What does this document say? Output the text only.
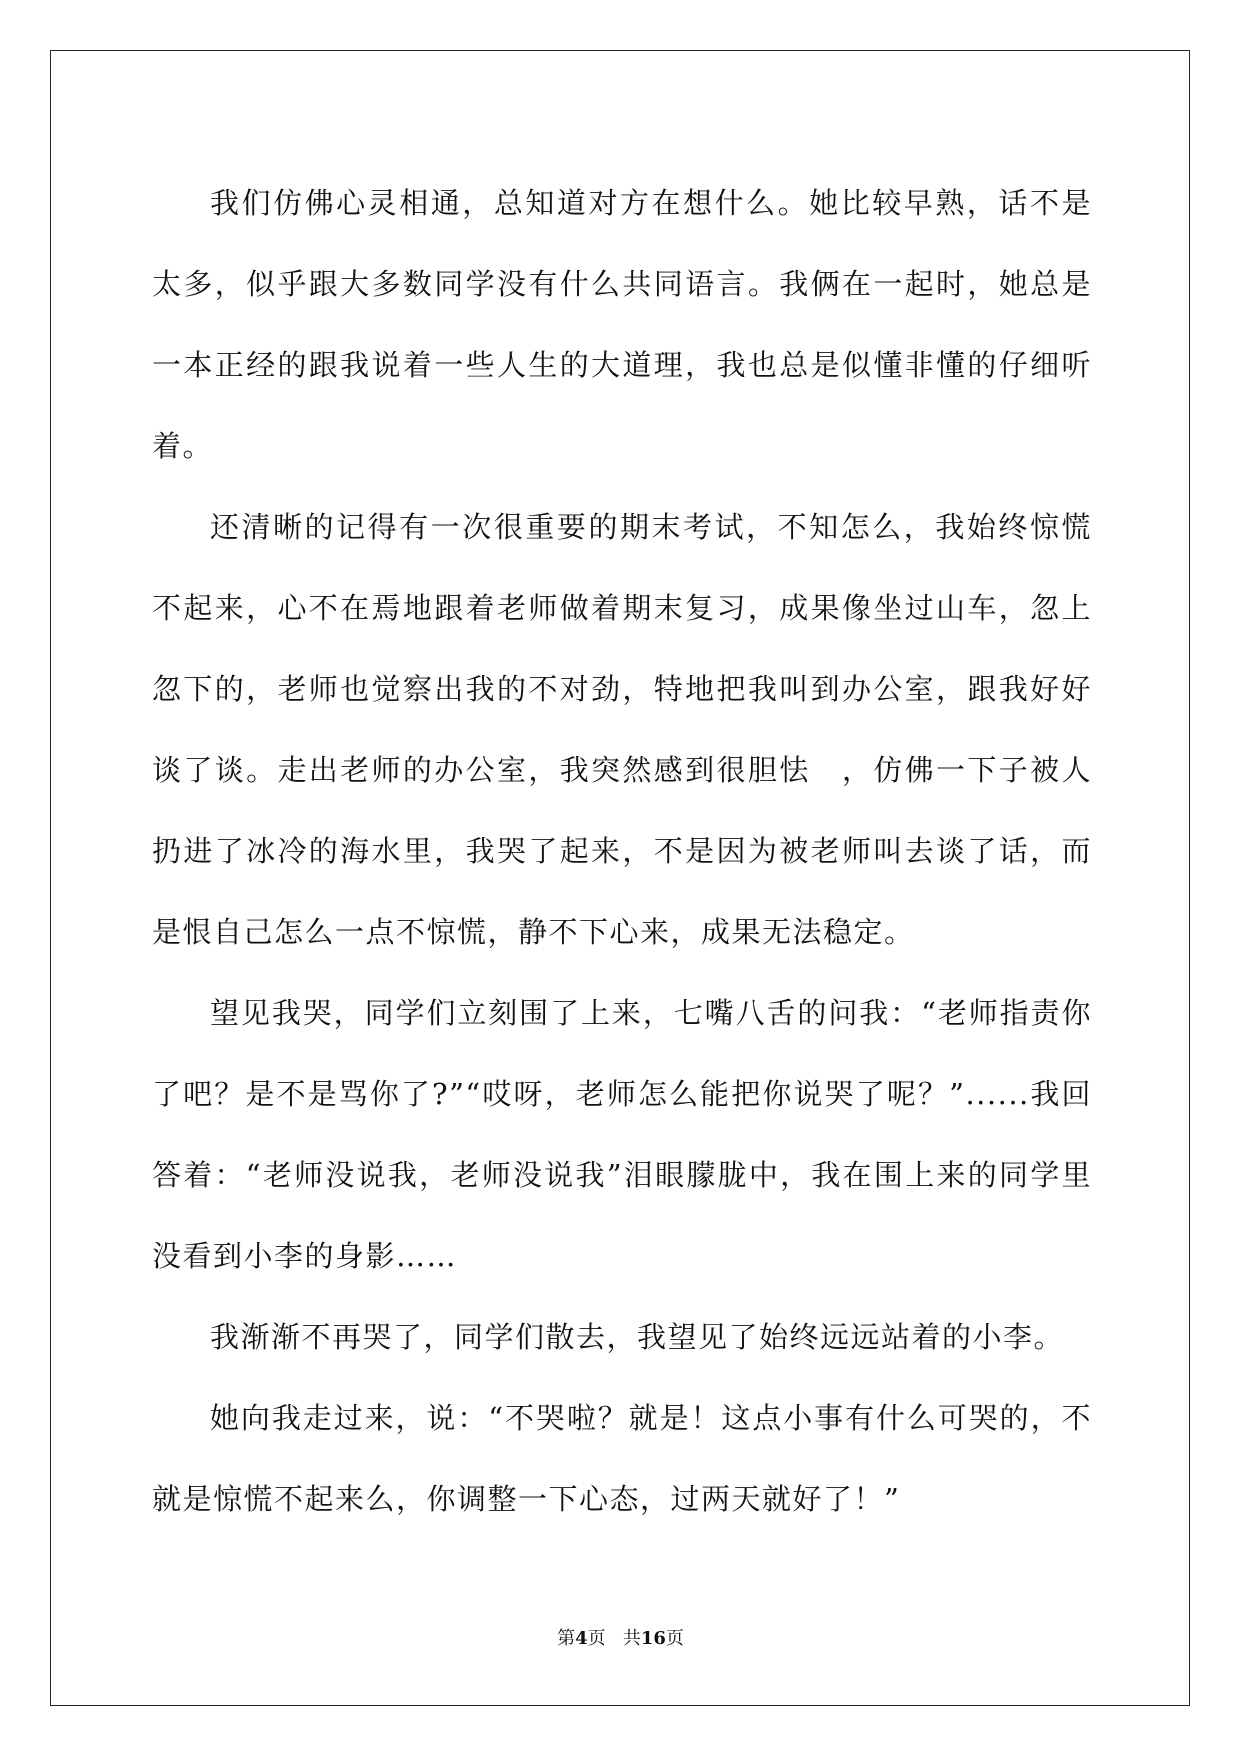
我们仿佛心灵相通，总知道对方在想什么。她比较早熟，话不是太多，似乎跟大多数同学没有什么共同语言。我俩在一起时，她总是一本正经的跟我说着一些人生的大道理，我也总是似懂非懂的仔细听着。

还清晰的记得有一次很重要的期末考试，不知怎么，我始终惊慌不起来，心不在焉地跟着老师做着期末复习，成果像坐过山车，忽上忽下的，老师也觉察出我的不对劲，特地把我叫到办公室，跟我好好谈了谈。走出老师的办公室，我突然感到很胆怯　，仿佛一下子被人扔进了冰冷的海水里，我哭了起来，不是因为被老师叫去谈了话，而是恨自己怎么一点不惊慌，静不下心来，成果无法稳定。

望见我哭，同学们立刻围了上来，七嘴八舌的问我：“老师指责你了吧？是不是骂你了?”“哎呀，老师怎么能把你说哭了呢？”......我回答着：“老师没说我，老师没说我”泪眼朦胧中，我在围上来的同学里没看到小李的身影……

我渐渐不再哭了，同学们散去，我望见了始终远远站着的小李。

她向我走过来，说：“不哭啦？就是！这点小事有什么可哭的，不就是惊慌不起来么，你调整一下心态，过两天就好了！”

第4页 共16页
